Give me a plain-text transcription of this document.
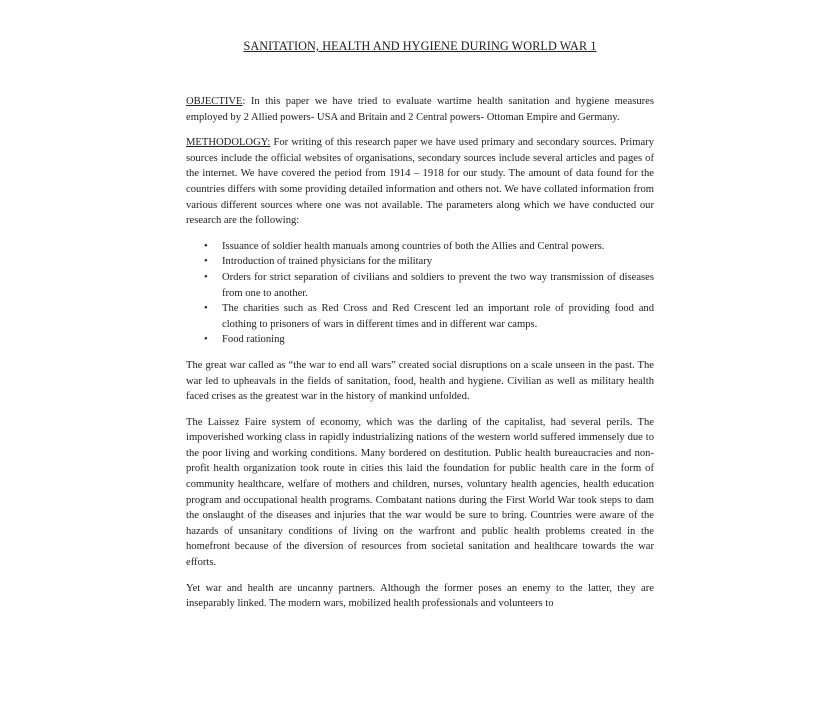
SANITATION, HEALTH AND HYGIENE DURING WORLD WAR 1

OBJECTIVE: In this paper we have tried to evaluate wartime health sanitation and hygiene measures employed by 2 Allied powers- USA and Britain and 2 Central powers- Ottoman Empire and Germany.

METHODOLOGY: For writing of this research paper we have used primary and secondary sources. Primary sources include the official websites of organisations, secondary sources include several articles and pages of the internet. We have covered the period from 1914 – 1918 for our study. The amount of data found for the countries differs with some providing detailed information and others not. We have collated information from various different sources where one was not available. The parameters along which we have conducted our research are the following:

• Issuance of soldier health manuals among countries of both the Allies and Central powers.
• Introduction of trained physicians for the military
• Orders for strict separation of civilians and soldiers to prevent the two way transmission of diseases from one to another.
• The charities such as Red Cross and Red Crescent led an important role of providing food and clothing to prisoners of wars in different times and in different war camps.
• Food rationing

The great war called as “the war to end all wars” created social disruptions on a scale unseen in the past. The war led to upheavals in the fields of sanitation, food, health and hygiene. Civilian as well as military health faced crises as the greatest war in the history of mankind unfolded.

The Laissez Faire system of economy, which was the darling of the capitalist, had several perils. The impoverished working class in rapidly industrializing nations of the western world suffered immensely due to the poor living and working conditions. Many bordered on destitution. Public health bureaucracies and non-profit health organization took route in cities this laid the foundation for public health care in the form of community healthcare, welfare of mothers and children, nurses, voluntary health agencies, health education program and occupational health programs. Combatant nations during the First World War took steps to dam the onslaught of the diseases and injuries that the war would be sure to bring. Countries were aware of the hazards of unsanitary conditions of living on the warfront and public health problems created in the homefront because of the diversion of resources from societal sanitation and healthcare towards the war efforts.

Yet war and health are uncanny partners. Although the former poses an enemy to the latter, they are inseparably linked. The modern wars, mobilized health professionals and volunteers to
